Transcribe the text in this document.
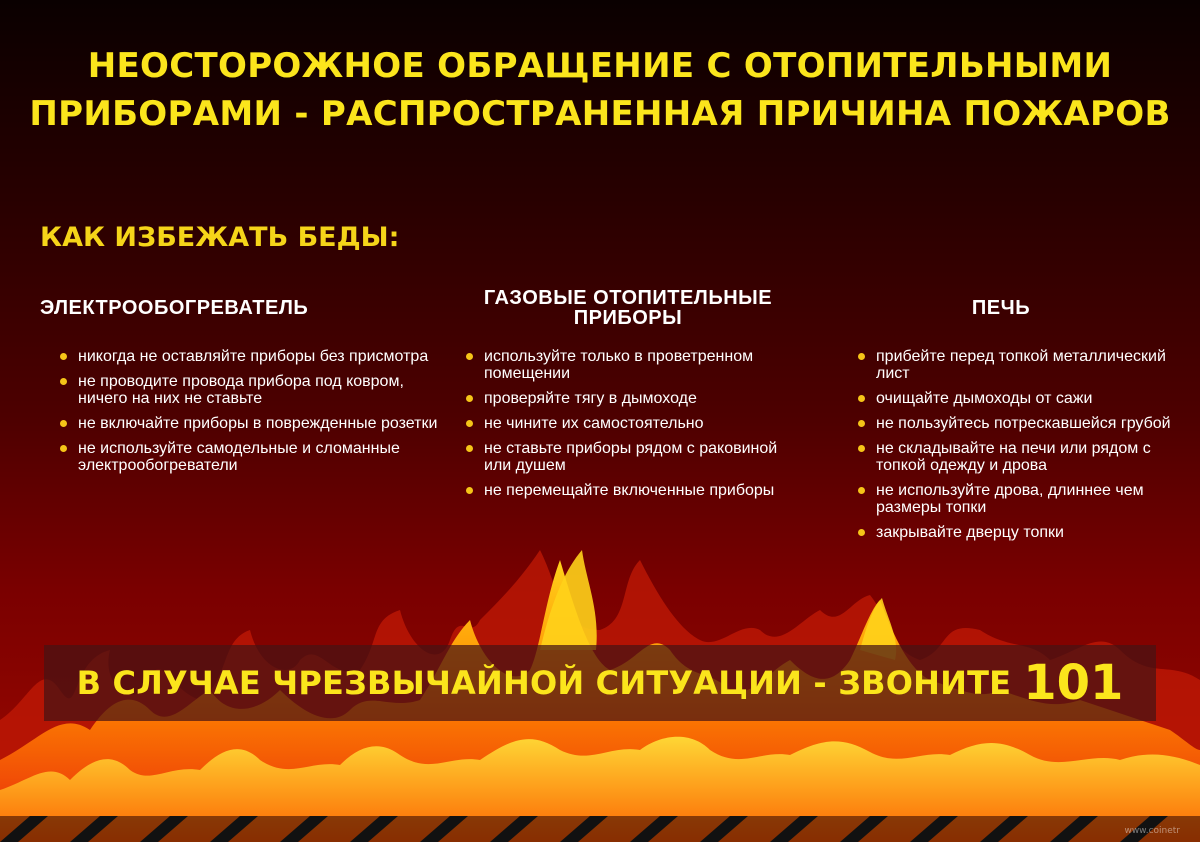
НЕОСТОРОЖНОЕ ОБРАЩЕНИЕ С ОТОПИТЕЛЬНЫМИ
ПРИБОРАМИ - РАСПРОСТРАНЕННАЯ ПРИЧИНА ПОЖАРОВ
КАК ИЗБЕЖАТЬ БЕДЫ:
ЭЛЕКТРООБОГРЕВАТЕЛЬ
никогда не оставляйте приборы без присмотра
не проводите провода прибора под ковром, ничего на них не ставьте
не включайте приборы в поврежденные розетки
не используйте самодельные и сломанные электрообогреватели
ГАЗОВЫЕ ОТОПИТЕЛЬНЫЕ ПРИБОРЫ
используйте только в проветренном помещении
проверяйте тягу в дымоходе
не чините их самостоятельно
не ставьте приборы рядом с раковиной или душем
не перемещайте включенные приборы
ПЕЧЬ
прибейте перед топкой металлический лист
очищайте дымоходы от сажи
не пользуйтесь потрескавшейся грубой
не складывайте на печи или рядом с топкой одежду и дрова
не используйте дрова, длиннее чем размеры топки
закрывайте дверцу топки
В СЛУЧАЕ ЧРЕЗВЫЧАЙНОЙ СИТУАЦИИ - ЗВОНИТЕ 101
www.coinetr
